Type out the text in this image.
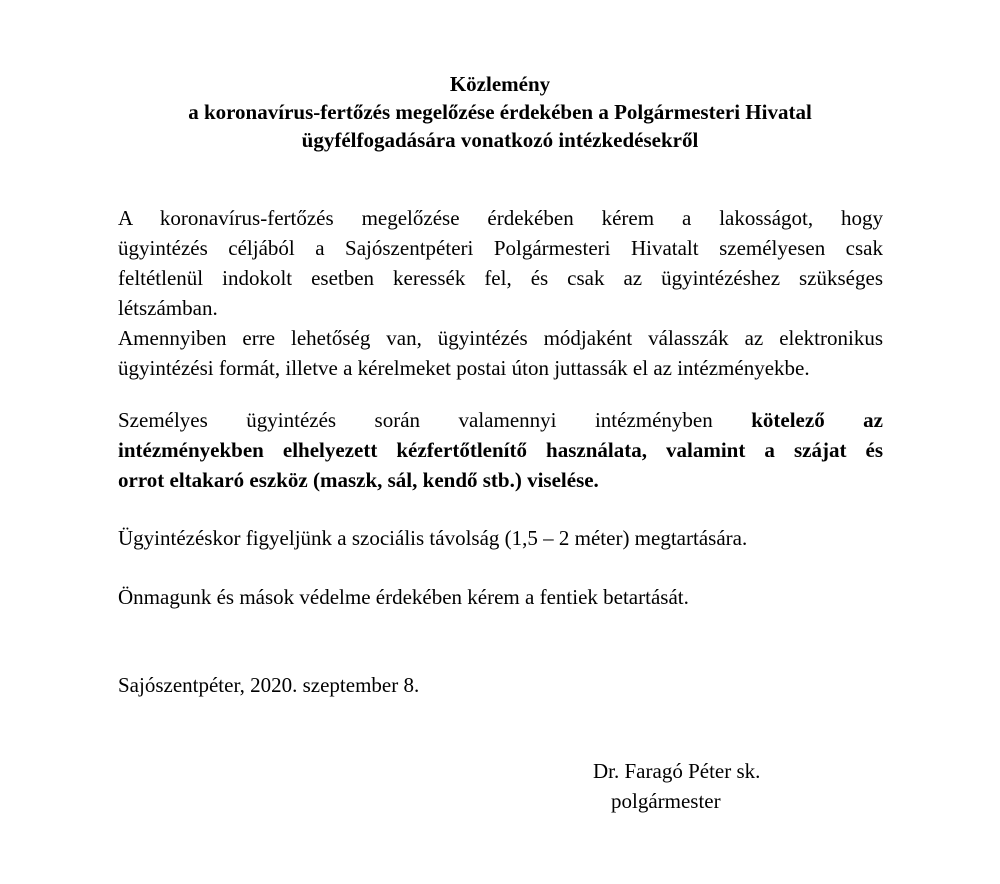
Közlemény
a koronavírus-fertőzés megelőzése érdekében a Polgármesteri Hivatal
ügyfélfogadására vonatkozó intézkedésekről
A koronavírus-fertőzés megelőzése érdekében kérem a lakosságot, hogy
ügyintézés céljából a Sajószentpéteri Polgármesteri Hivatalt személyesen csak
feltétlenül indokolt esetben keressék fel, és csak az ügyintézéshez szükséges
létszámban.
Amennyiben erre lehetőség van, ügyintézés módjaként válasszák az elektronikus
ügyintézési formát, illetve a kérelmeket postai úton juttassák el az intézményekbe.
Személyes ügyintézés során valamennyi intézményben kötelező az
intézményekben elhelyezett kézfertőtlenítő használata, valamint a szájat és
orrot eltakaró eszköz (maszk, sál, kendő stb.) viselése.
Ügyintézéskor figyeljünk a szociális távolság (1,5 – 2 méter) megtartására.
Önmagunk és mások védelme érdekében kérem a fentiek betartását.
Sajószentpéter, 2020. szeptember 8.
Dr. Faragó Péter sk.
polgármester
